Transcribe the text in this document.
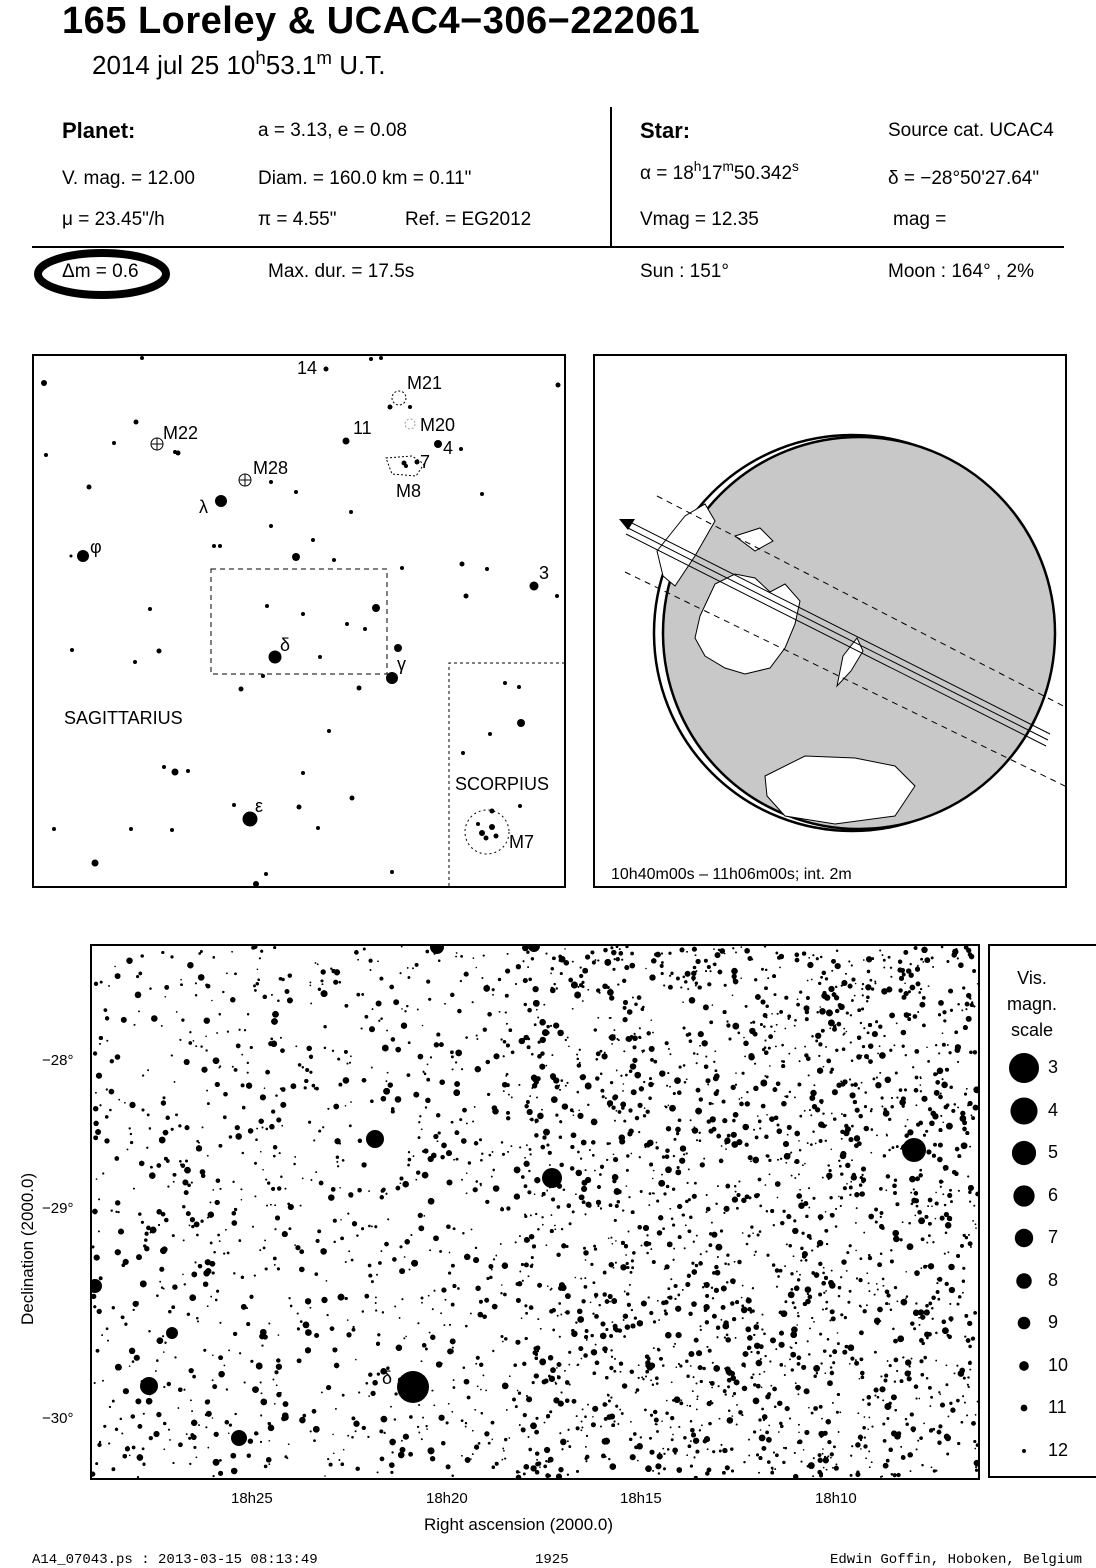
165 Loreley & UCAC4−306−222061
2014 jul 25 10$^h$53.1$^m$ U.T.
Planet:	a = 3.13, e = 0.08
V. mag. = 12.00	Diam. = 160.0 km = 0.11"
μ = 23.45"/h	π = 4.55"	Ref. = EG2012
Star:	Source cat. UCAC4
$\alpha = 18^h17^m50.342^s$
δ = −28°50'27.64"
Vmag = 12.35	mag =
Δm = 0.6	Max. dur. = 17.5s	Sun : 151°	Moon : 164° , 2%
14
M21
M20
11
4
7
M8
M22
M28
λ
φ
3
δ
γ
SAGITTARIUS
SCORPIUS
ε
M7
10h40m00s – 11h06m00s; int. 2m
Declination (2000.0)
−28°
−29°
−30°
δ
18h25	18h20	18h15	18h10
Right ascension (2000.0)
Vis.
magn.
scale
3
4
5
6
7
8
9
10
11
12
A14_07043.ps : 2013-03-15 08:13:49	1925	Edwin Goffin, Hoboken, Belgium
